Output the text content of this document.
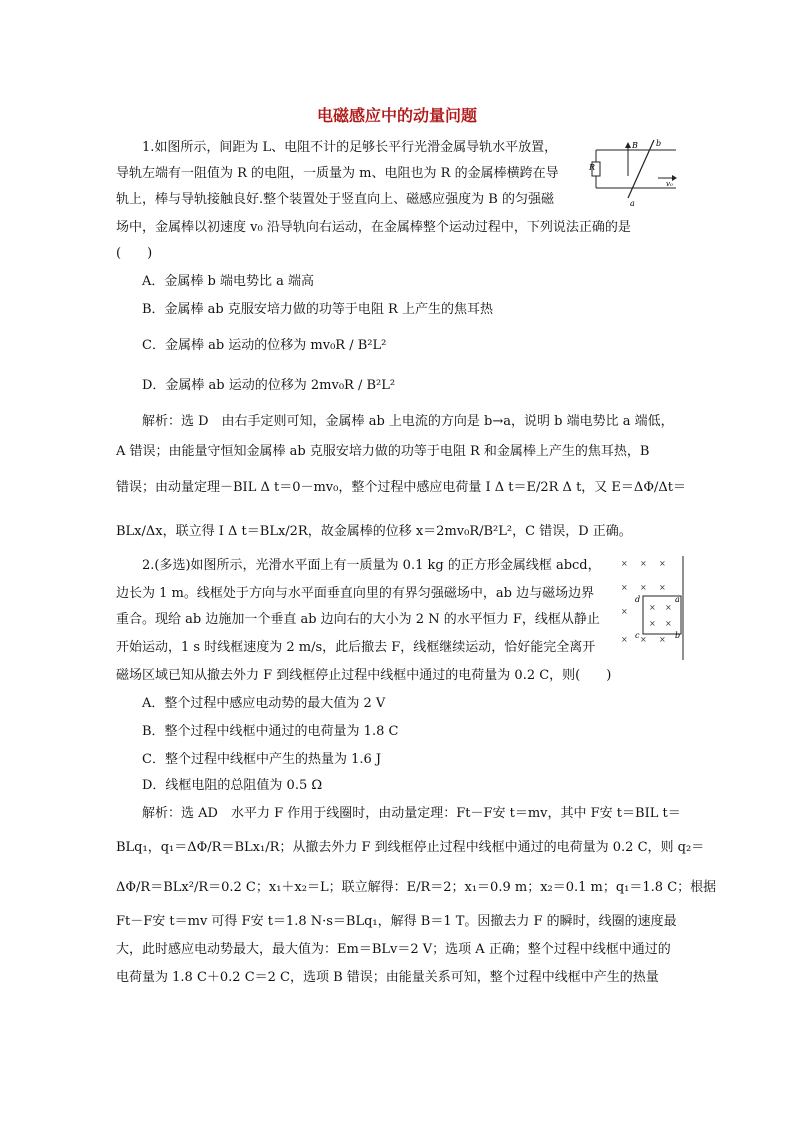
电磁感应中的动量问题
R
B b
a
v₀
× × ×
× × ×
×	× ×
× ×
× × ×
d
c
a
b
1.如图所示，间距为 L、电阻不计的足够长平行光滑金属导轨水平放置，
导轨左端有一阻值为 R 的电阻，一质量为 m、电阻也为 R 的金属棒横跨在导
轨上，棒与导轨接触良好.整个装置处于竖直向上、磁感应强度为 B 的匀强磁
场中，金属棒以初速度 v₀ 沿导轨向右运动，在金属棒整个运动过程中，下列说法正确的是
(　　)
A．金属棒 b 端电势比 a 端高
B．金属棒 ab 克服安培力做的功等于电阻 R 上产生的焦耳热
C．金属棒 ab 运动的位移为 mv₀R / B²L²
D．金属棒 ab 运动的位移为 2mv₀R / B²L²
解析：选 D　由右手定则可知，金属棒 ab 上电流的方向是 b→a，说明 b 端电势比 a 端低，
A 错误；由能量守恒知金属棒 ab 克服安培力做的功等于电阻 R 和金属棒上产生的焦耳热，B
错误；由动量定理－BIL Δ t＝0－mv₀，整个过程中感应电荷量 I Δ t＝E/2R Δ t，又 E＝ΔΦ/Δt＝
BLx/Δx，联立得 I Δ t＝BLx/2R，故金属棒的位移 x＝2mv₀R/B²L²，C 错误，D 正确。
2.(多选)如图所示，光滑水平面上有一质量为 0.1 kg 的正方形金属线框 abcd，
边长为 1 m。线框处于方向与水平面垂直向里的有界匀强磁场中，ab 边与磁场边界
重合。现给 ab 边施加一个垂直 ab 边向右的大小为 2 N 的水平恒力 F，线框从静止
开始运动，1 s 时线框速度为 2 m/s，此后撤去 F，线框继续运动，恰好能完全离开
磁场区域已知从撤去外力 F 到线框停止过程中线框中通过的电荷量为 0.2 C，则(　　)
A．整个过程中感应电动势的最大值为 2 V
B．整个过程中线框中通过的电荷量为 1.8 C
C．整个过程中线框中产生的热量为 1.6 J
D．线框电阻的总阻值为 0.5 Ω
解析：选 AD　水平力 F 作用于线圈时，由动量定理：Ft－F安 t＝mv，其中 F安 t＝BIL t＝
BLq₁，q₁＝ΔΦ/R＝BLx₁/R；从撤去外力 F 到线框停止过程中线框中通过的电荷量为 0.2 C，则 q₂＝
ΔΦ/R＝BLx²/R＝0.2 C；x₁＋x₂＝L；联立解得：E/R＝2；x₁＝0.9 m；x₂＝0.1 m；q₁＝1.8 C；根据
Ft－F安 t＝mv 可得 F安 t＝1.8 N·s＝BLq₁，解得 B＝1 T。因撤去力 F 的瞬时，线圈的速度最
大，此时感应电动势最大，最大值为：Em＝BLv＝2 V；选项 A 正确；整个过程中线框中通过的
电荷量为 1.8 C＋0.2 C＝2 C，选项 B 错误；由能量关系可知，整个过程中线框中产生的热量
